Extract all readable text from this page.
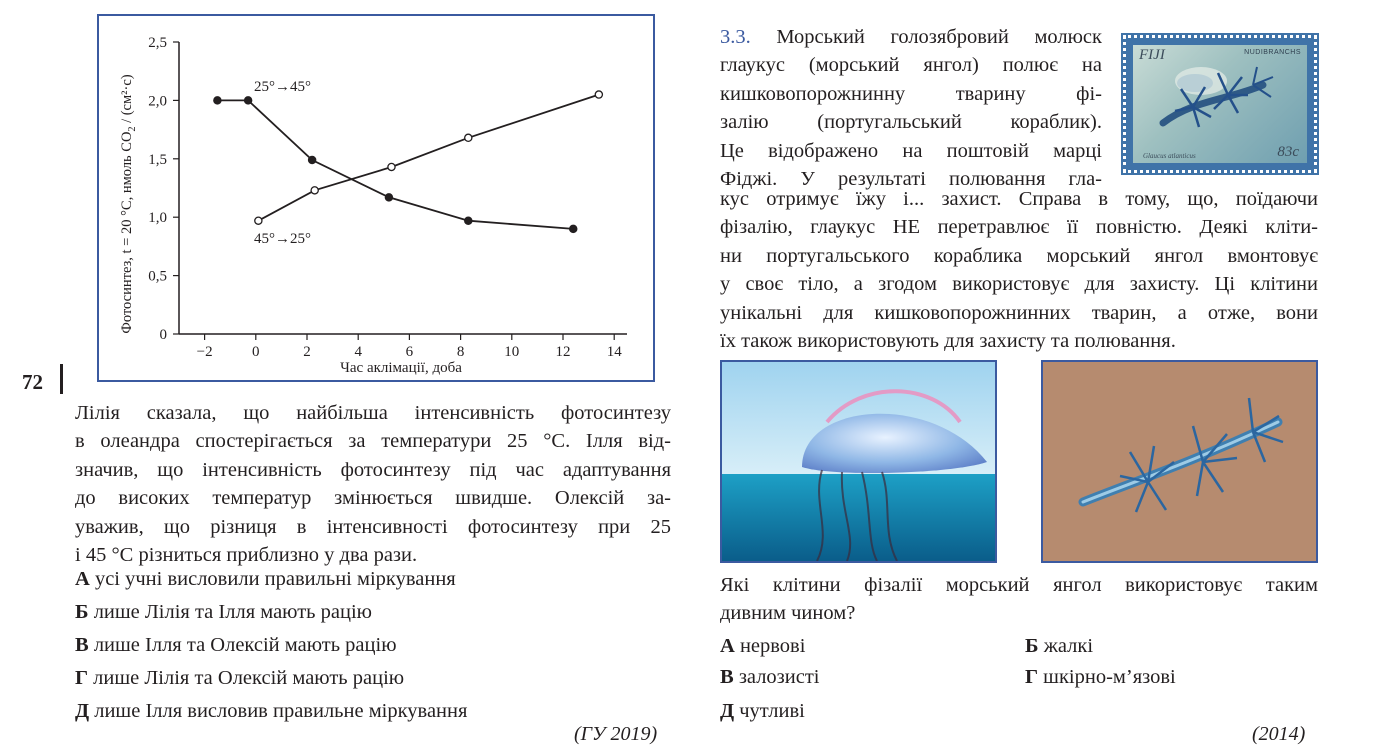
−2	0	2	4	6	8	10 12 14
0
0,5
1,0
1,5
2,0
2,5
Час аклімації, доба
Фотосинтез, t = 20 °C, нмоль $CO_2 / (см^2\cdot с)$	25°→45°
45°→25°
72
Лілія сказала, що найбільша інтенсивність фотосинтезу
в олеандра спостерігається за температури 25 °С. Ілля від-
значив, що інтенсивність фотосинтезу під час адаптування
до високих температур змінюється швидше. Олексій за-
уважив, що різниця в інтенсивності фотосинтезу при 25
і 45 °С різниться приблизно у два рази.
А усі учні висловили правильні міркування
Б лише Лілія та Ілля мають рацію
В лише Ілля та Олексій мають рацію
Г лише Лілія та Олексій мають рацію
Д лише Ілля висловив правильне міркування
(ГУ 2019)
3.3. Морський голозябровий молюск
глаукус (морський янгол) полює на
кишковопорожнинну тварину фі-
залію (португальський кораблик).
Це відображено на поштовій марці
Фіджі. У результаті полювання гла-
FIJI	NUDIBRANCHS
Glaucus atlanticus	83c
кус отримує їжу і... захист. Справа в тому, що, поїдаючи
фізалію, глаукус НЕ перетравлює її повністю. Деякі кліти-
ни португальського кораблика морський янгол вмонтовує
у своє тіло, а згодом використовує для захисту. Ці клітини
унікальні для кишковопорожнинних тварин, а отже, вони
їх також використовують для захисту та полювання.
Які клітини фізалії морський янгол використовує таким
дивним чином?
А нервові	Б жалкі
В залозисті	Г шкірно-м’язові
Д чутливі
(2014)
